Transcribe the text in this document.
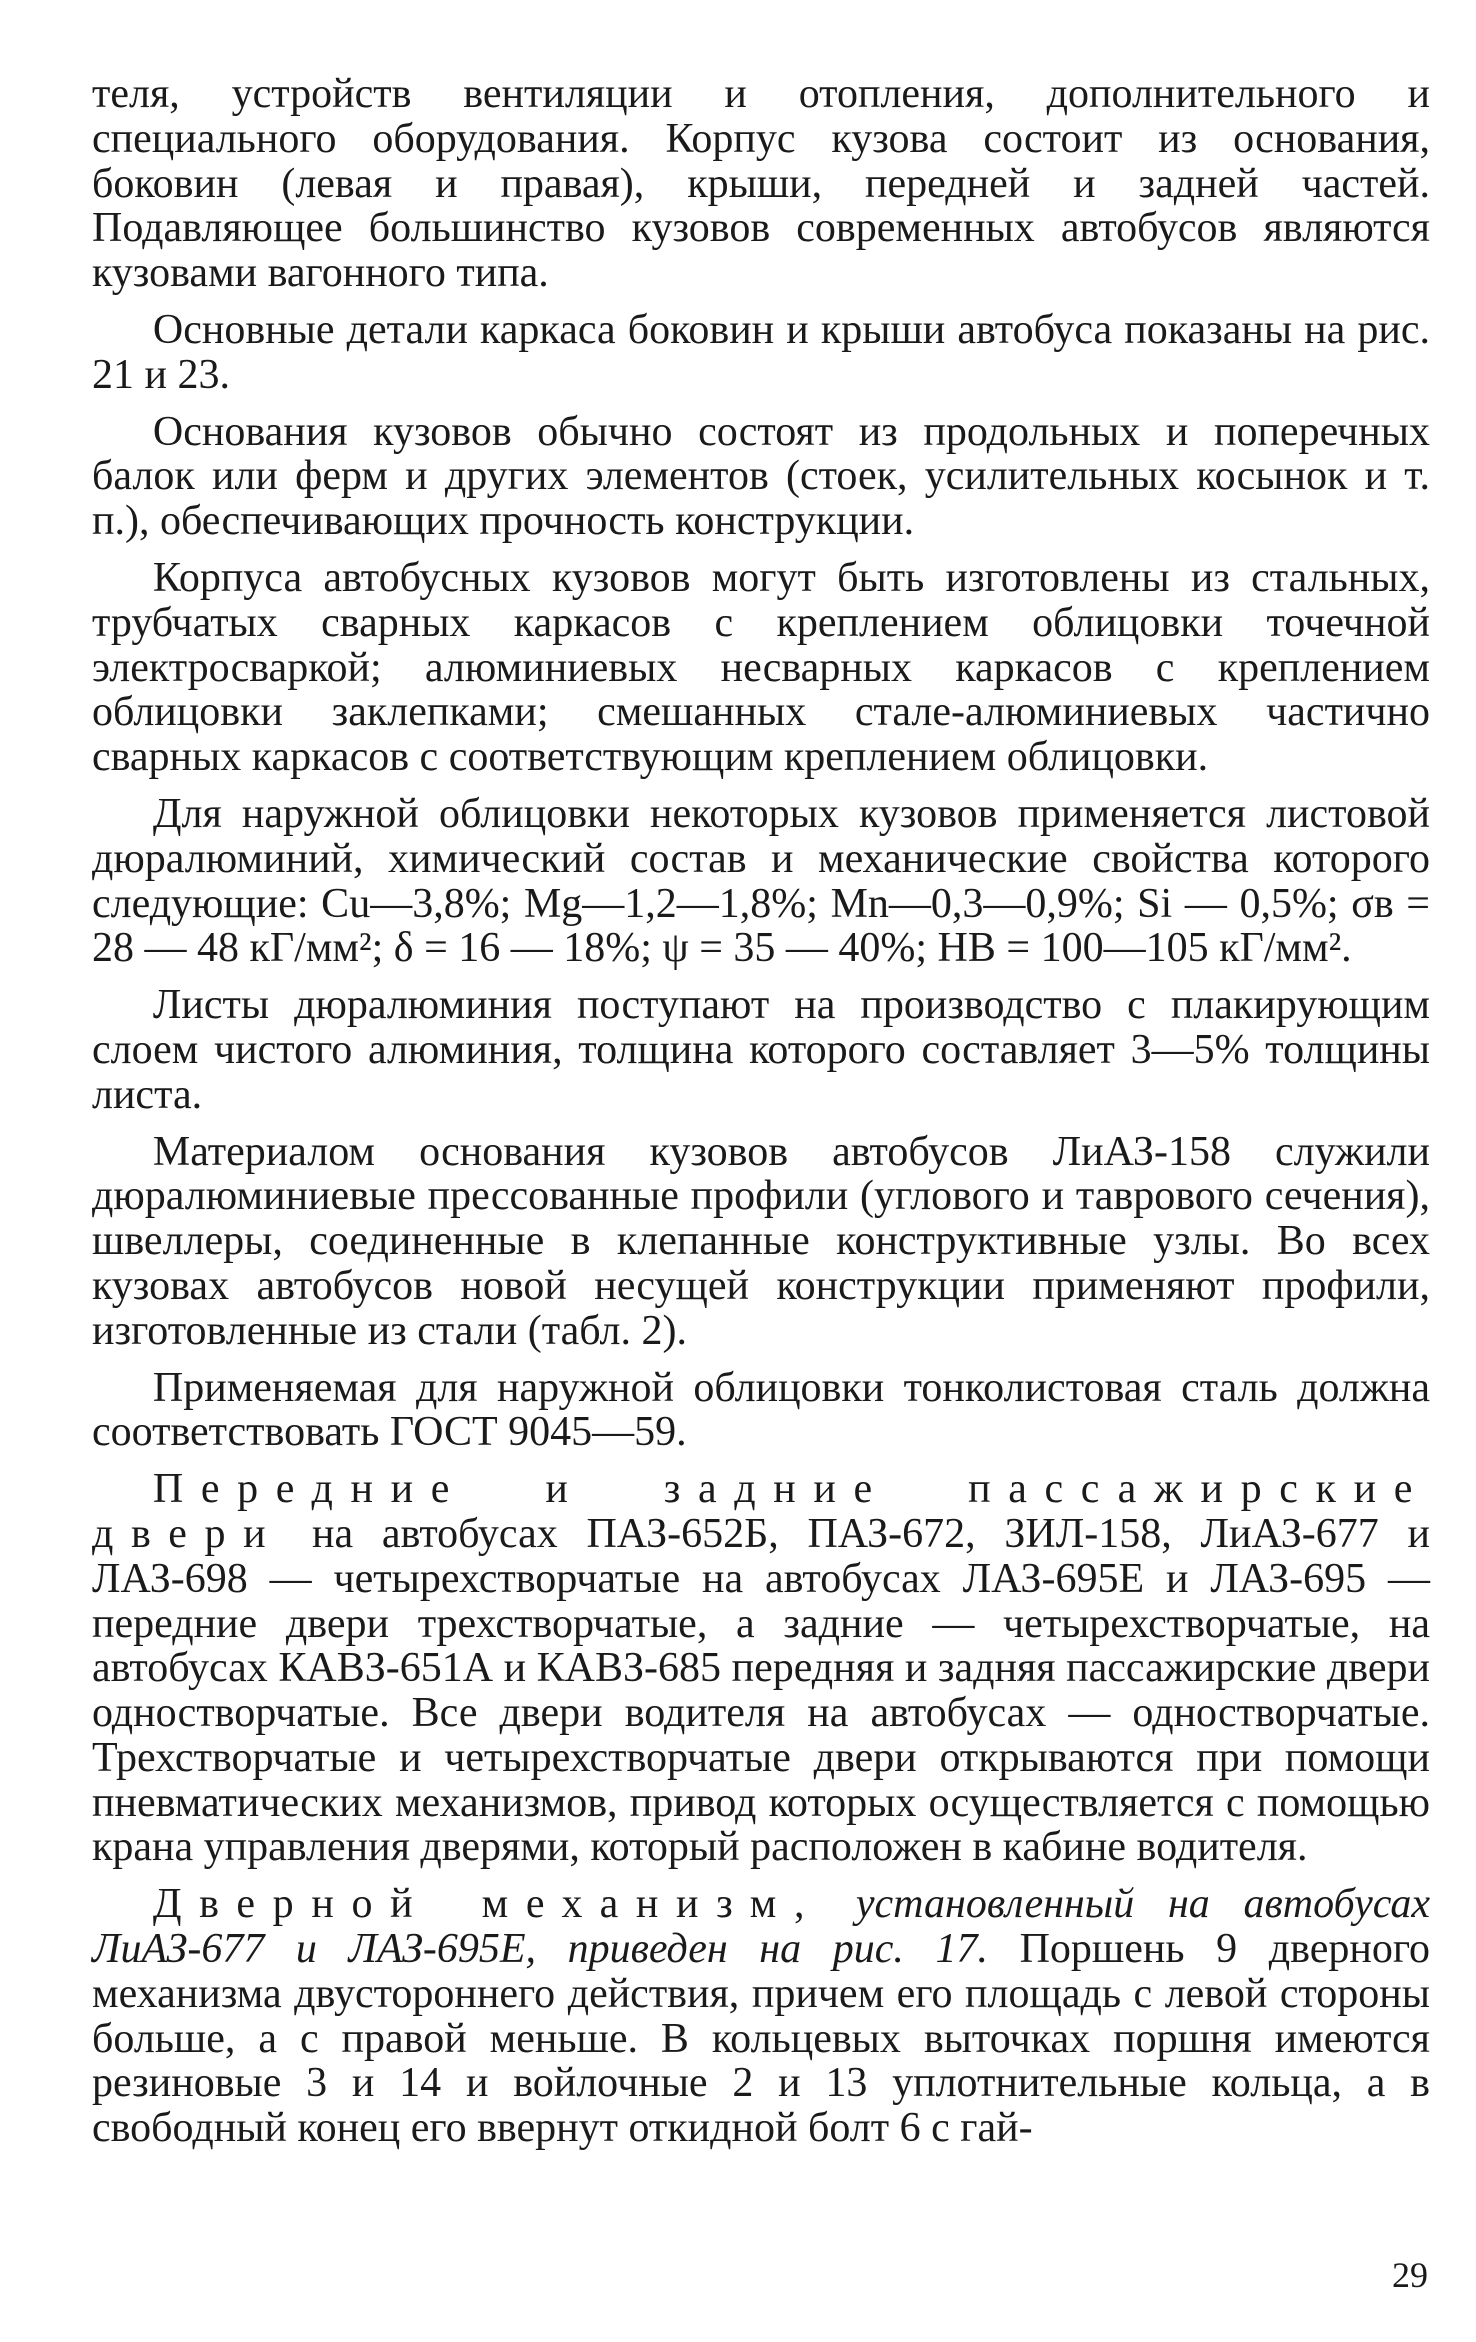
теля, устройств вентиляции и отопления, дополнительного и специального оборудования. Корпус кузова состоит из основания, боковин (левая и правая), крыши, передней и задней частей. Подавляющее большинство кузовов современных автобусов являются кузовами вагонного типа.

Основные детали каркаса боковин и крыши автобуса показаны на рис. 21 и 23.

Основания кузовов обычно состоят из продольных и поперечных балок или ферм и других элементов (стоек, усилительных косынок и т. п.), обеспечивающих прочность конструкции.

Корпуса автобусных кузовов могут быть изготовлены из стальных, трубчатых сварных каркасов с креплением облицовки точечной электросваркой; алюминиевых несварных каркасов с креплением облицовки заклепками; смешанных стале-алюминиевых частично сварных каркасов с соответствующим креплением облицовки.

Для наружной облицовки некоторых кузовов применяется листовой дюралюминий, химический состав и механические свойства которого следующие: Cu—3,8%; Mg—1,2—1,8%; Mn—0,3—0,9%; Si — 0,5%; σв = 28 — 48 кГ/мм²; δ = 16 — 18%; ψ = 35 — 40%; HB = 100—105 кГ/мм².

Листы дюралюминия поступают на производство с плакирующим слоем чистого алюминия, толщина которого составляет 3—5% толщины листа.

Материалом основания кузовов автобусов ЛиАЗ-158 служили дюралюминиевые прессованные профили (углового и таврового сечения), швеллеры, соединенные в клепанные конструктивные узлы. Во всех кузовах автобусов новой несущей конструкции применяют профили, изготовленные из стали (табл. 2).

Применяемая для наружной облицовки тонколистовая сталь должна соответствовать ГОСТ 9045—59.

Передние и задние пассажирские двери на автобусах ПАЗ-652Б, ПАЗ-672, ЗИЛ-158, ЛиАЗ-677 и ЛАЗ-698 — четырехстворчатые на автобусах ЛАЗ-695Е и ЛАЗ-695 — передние двери трехстворчатые, а задние — четырехстворчатые, на автобусах КАВЗ-651А и КАВЗ-685 передняя и задняя пассажирские двери одностворчатые. Все двери водителя на автобусах — одностворчатые. Трехстворчатые и четырехстворчатые двери открываются при помощи пневматических механизмов, привод которых осуществляется с помощью крана управления дверями, который расположен в кабине водителя.

Дверной механизм, установленный на автобусах ЛиАЗ-677 и ЛАЗ-695Е, приведен на рис. 17. Поршень 9 дверного механизма двустороннего действия, причем его площадь с левой стороны больше, а с правой меньше. В кольцевых выточках поршня имеются резиновые 3 и 14 и войлочные 2 и 13 уплотнительные кольца, а в свободный конец его ввернут откидной болт 6 с гай-

29
